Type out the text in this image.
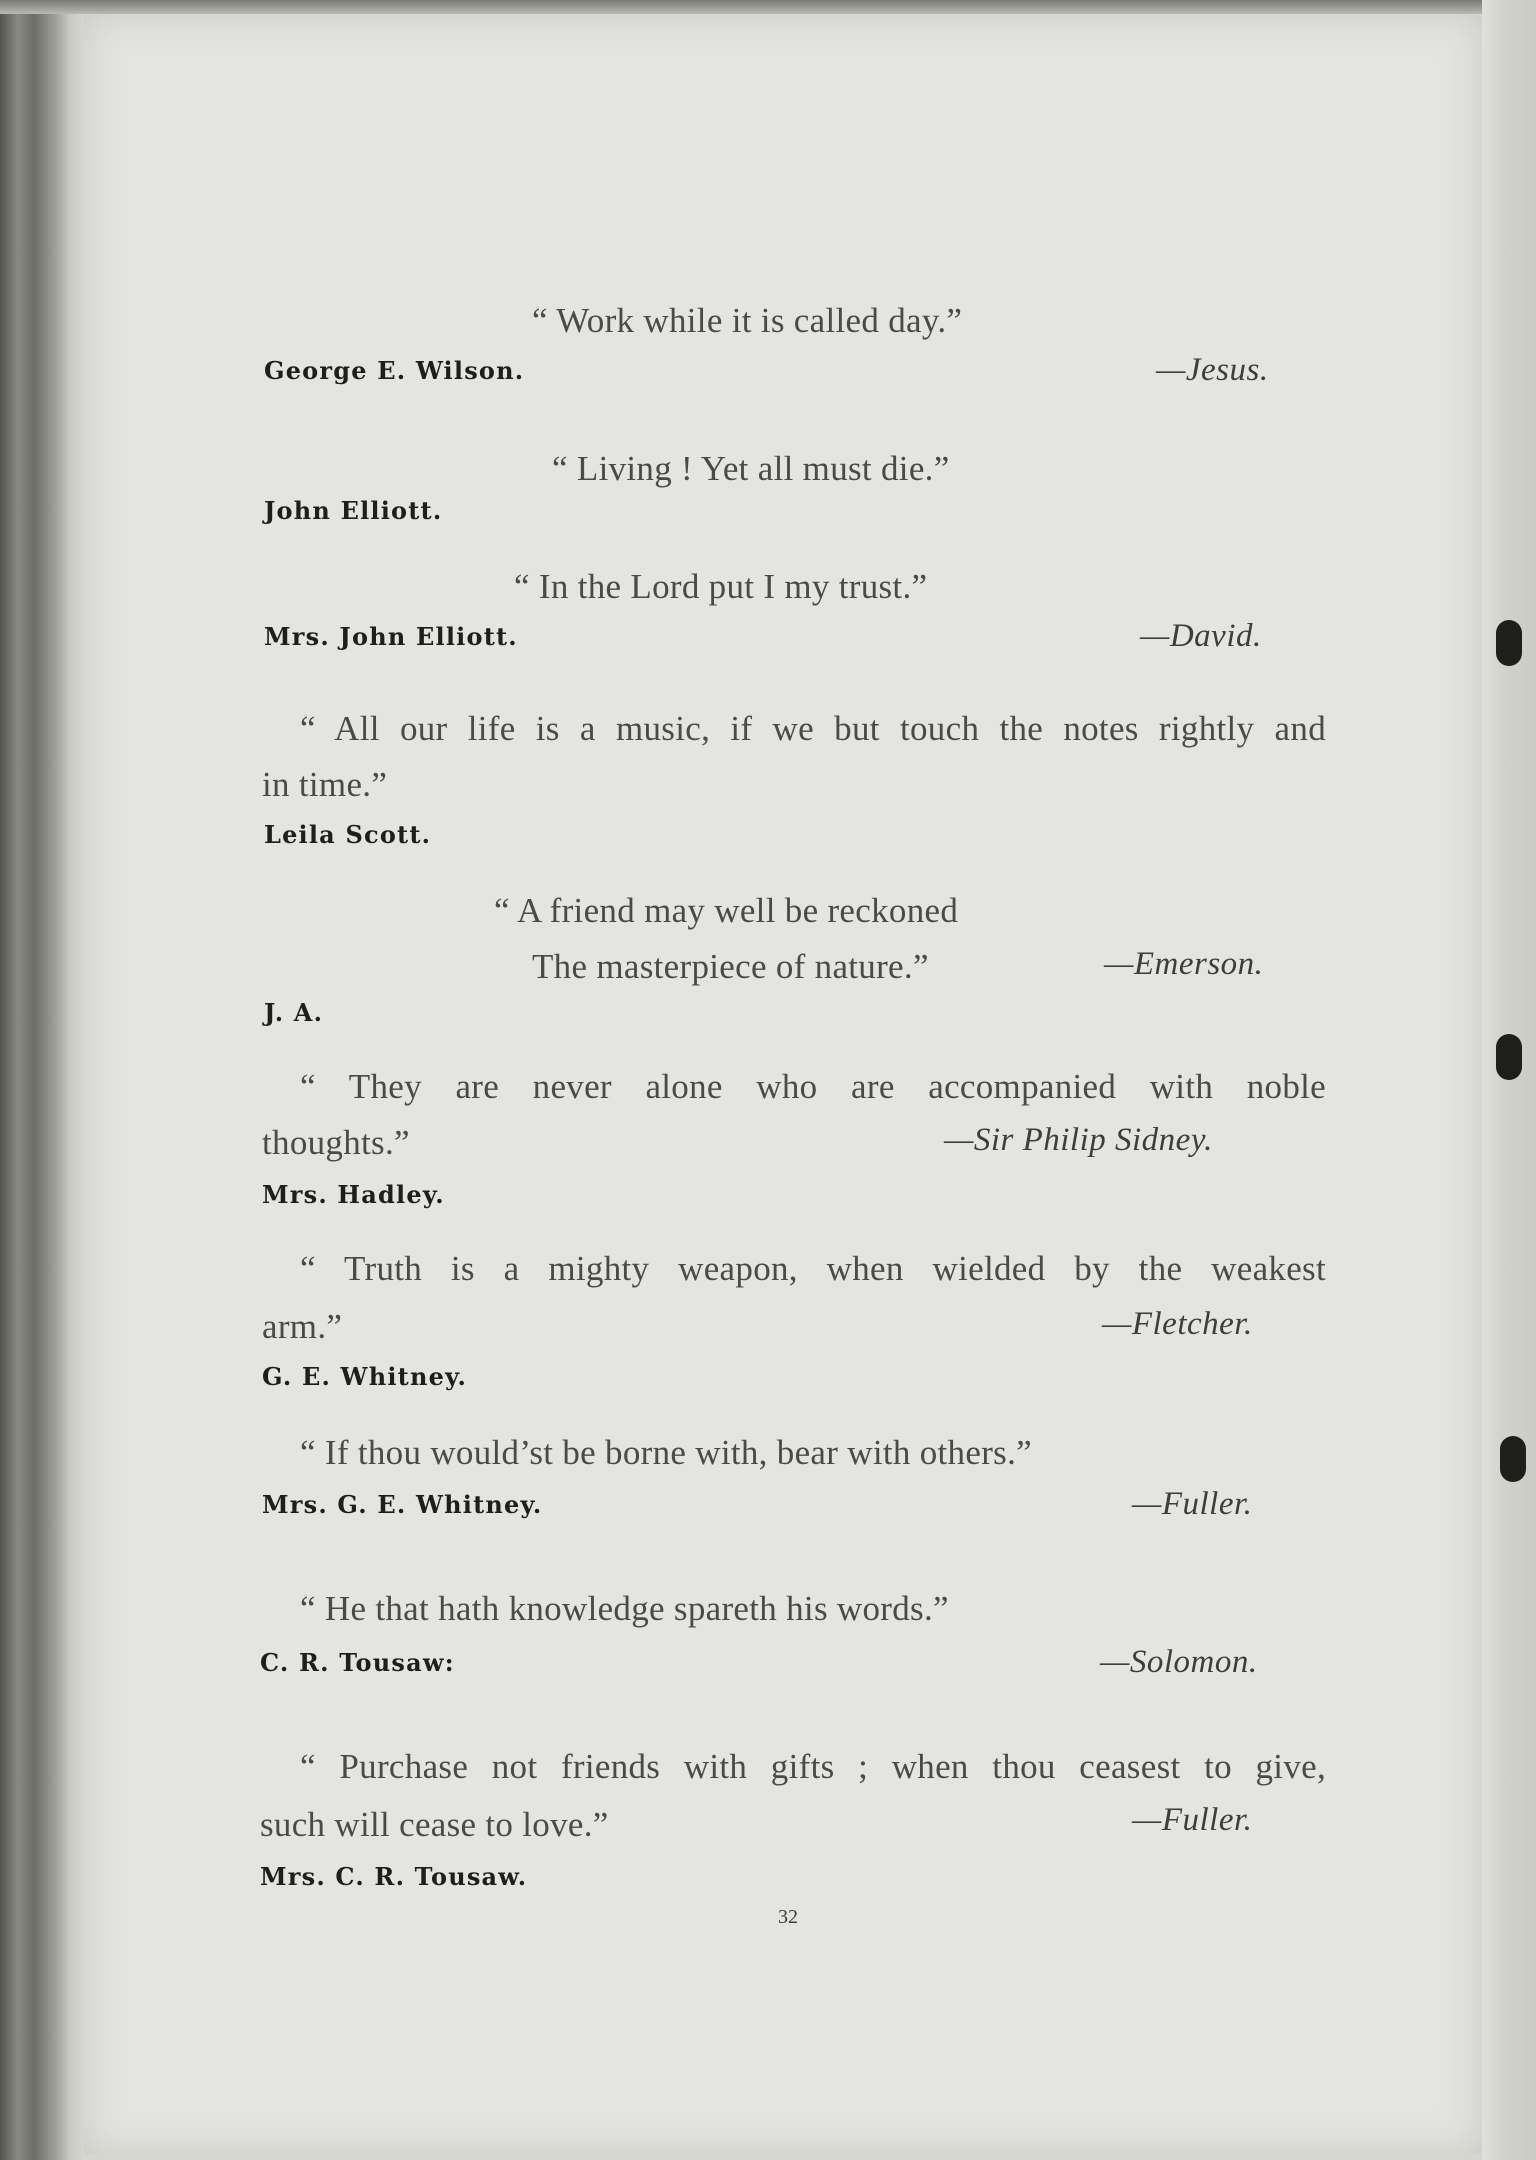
“ Work while it is called day.”
George E. Wilson.	—Jesus.
“ Living ! Yet all must die.”
John Elliott.
“ In the Lord put I my trust.”
Mrs. John Elliott.	—David.
“ All our life is a music, if we but touch the notes rightly and
in time.”
Leila Scott.
“ A friend may well be reckoned
The masterpiece of nature.”	—Emerson.
J. A.
“ They are never alone who are accompanied with noble
thoughts.”	—Sir Philip Sidney.
Mrs. Hadley.
“ Truth is a mighty weapon, when wielded by the weakest
arm.”	—Fletcher.
G. E. Whitney.
“ If thou would’st be borne with, bear with others.”
Mrs. G. E. Whitney.	—Fuller.
“ He that hath knowledge spareth his words.”
C. R. Tousaw:	—Solomon.
“ Purchase not friends with gifts ; when thou ceasest to give,
such will cease to love.”	—Fuller.
Mrs. C. R. Tousaw.
32
